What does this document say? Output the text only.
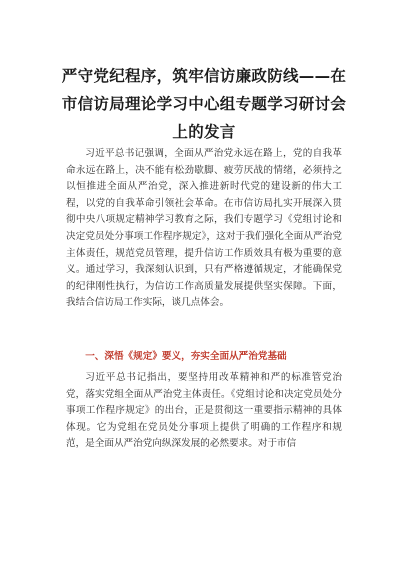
严守党纪程序，筑牢信访廉政防线——在市信访局理论学习中心组专题学习研讨会上的发言

习近平总书记强调，全面从严治党永远在路上，党的自我革命永远在路上，决不能有松劲歇脚、疲劳厌战的情绪，必须持之以恒推进全面从严治党，深入推进新时代党的建设新的伟大工程，以党的自我革命引领社会革命。在市信访局扎实开展深入贯彻中央八项规定精神学习教育之际，我们专题学习《党组讨论和决定党员处分事项工作程序规定》，这对于我们强化全面从严治党主体责任，规范党员管理，提升信访工作质效具有极为重要的意义。通过学习，我深刻认识到，只有严格遵循规定，才能确保党的纪律刚性执行，为信访工作高质量发展提供坚实保障。下面，我结合信访局工作实际，谈几点体会。

一、深悟《规定》要义，夯实全面从严治党基础

习近平总书记指出，要坚持用改革精神和严的标准管党治党，落实党组全面从严治党主体责任。《党组讨论和决定党员处分事项工作程序规定》的出台，正是贯彻这一重要指示精神的具体体现。它为党组在党员处分事项上提供了明确的工作程序和规范，是全面从严治党向纵深发展的必然要求。对于市信
